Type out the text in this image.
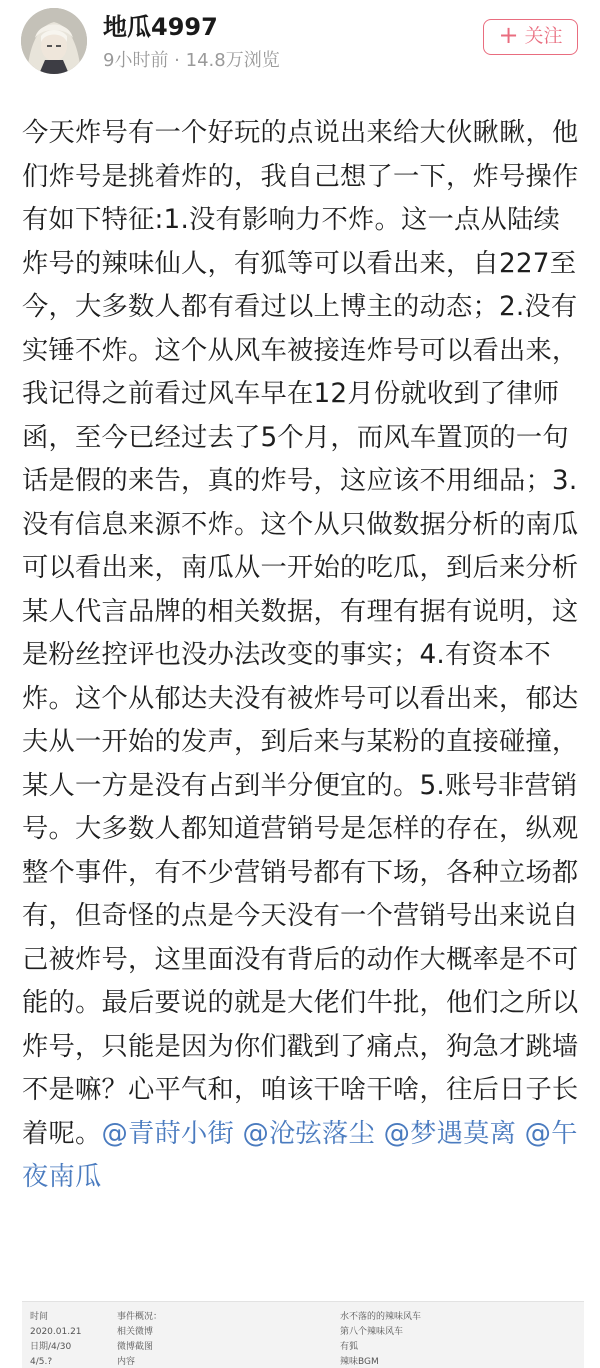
地瓜4997
9小时前 · 14.8万浏览
+ 关注
今天炸号有一个好玩的点说出来给大伙瞅瞅，他们炸号是挑着炸的，我自己想了一下，炸号操作有如下特征:1.没有影响力不炸。这一点从陆续炸号的辣味仙人，有狐等可以看出来，自227至今，大多数人都有看过以上博主的动态；2.没有实锤不炸。这个从风车被接连炸号可以看出来，我记得之前看过风车早在12月份就收到了律师函，至今已经过去了5个月，而风车置顶的一句话是假的来告，真的炸号，这应该不用细品；3.没有信息来源不炸。这个从只做数据分析的南瓜可以看出来，南瓜从一开始的吃瓜，到后来分析某人代言品牌的相关数据，有理有据有说明，这是粉丝控评也没办法改变的事实；4.有资本不炸。这个从郁达夫没有被炸号可以看出来，郁达夫从一开始的发声，到后来与某粉的直接碰撞，某人一方是没有占到半分便宜的。5.账号非营销号。大多数人都知道营销号是怎样的存在，纵观整个事件，有不少营销号都有下场，各种立场都有，但奇怪的点是今天没有一个营销号出来说自己被炸号，这里面没有背后的动作大概率是不可能的。最后要说的就是大佬们牛批，他们之所以炸号，只能是因为你们戳到了痛点，狗急才跳墙不是嘛？心平气和，咱该干啥干啥，往后日子长着呢。@青莳小街 @沧弦落尘 @梦遇莫离 @午夜南瓜
时间
2020.01.21
日期/4/30
4/5.?
事件概况：
相关微博
微博截图
内容
水不落的的辣味风车
第八个辣味风车
有狐
辣味BGM
